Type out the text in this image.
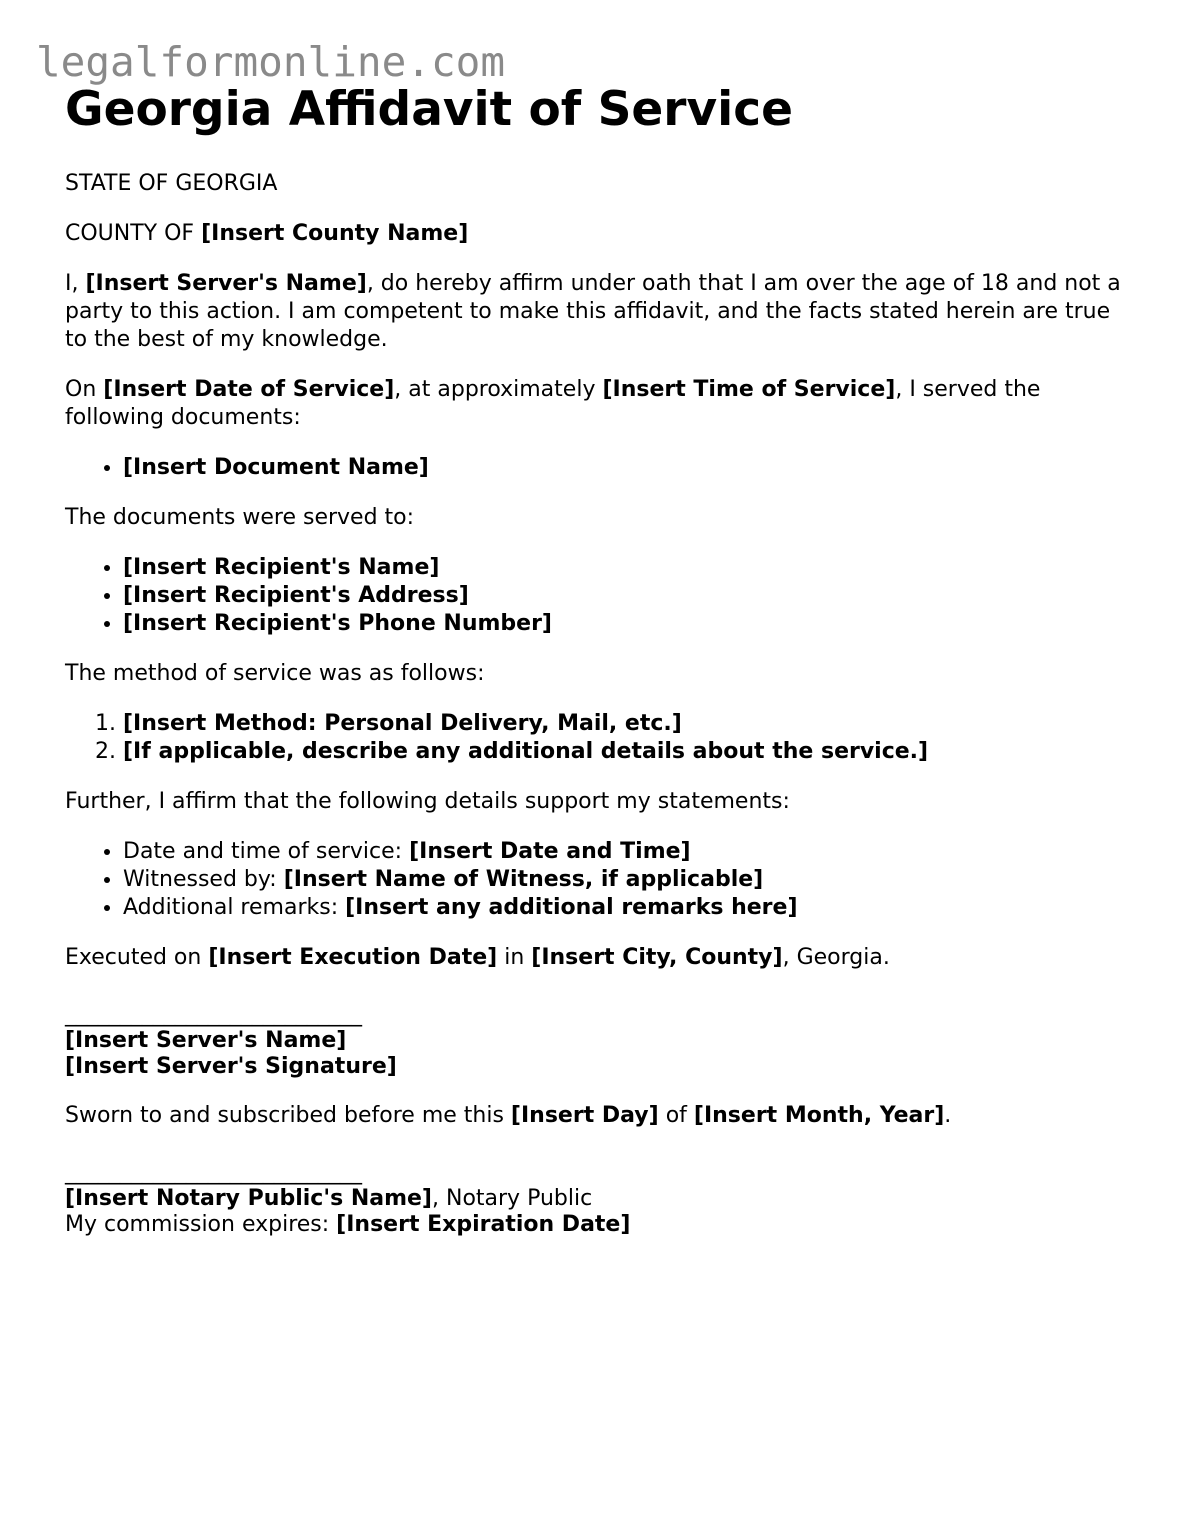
legalformonline.com
Georgia Affidavit of Service

STATE OF GEORGIA

COUNTY OF [Insert County Name]

I, [Insert Server's Name], do hereby affirm under oath that I am over the age of 18 and not a party to this action. I am competent to make this affidavit, and the facts stated herein are true to the best of my knowledge.

On [Insert Date of Service], at approximately [Insert Time of Service], I served the following documents:

• [Insert Document Name]

The documents were served to:

• [Insert Recipient's Name]
• [Insert Recipient's Address]
• [Insert Recipient's Phone Number]

The method of service was as follows:

1. [Insert Method: Personal Delivery, Mail, etc.]
2. [If applicable, describe any additional details about the service.]

Further, I affirm that the following details support my statements:

• Date and time of service: [Insert Date and Time]
• Witnessed by: [Insert Name of Witness, if applicable]
• Additional remarks: [Insert any additional remarks here]

Executed on [Insert Execution Date] in [Insert City, County], Georgia.

___________________________
[Insert Server's Name]
[Insert Server's Signature]

Sworn to and subscribed before me this [Insert Day] of [Insert Month, Year].

___________________________
[Insert Notary Public's Name], Notary Public
My commission expires: [Insert Expiration Date]
